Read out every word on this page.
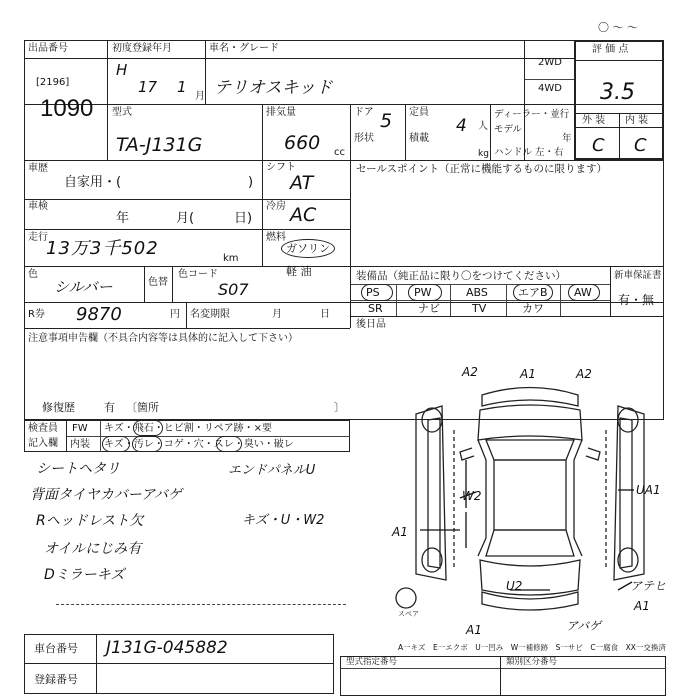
〇 ～ ～
出品番号
[2196]
1090
初度登録年月
H
17 1
月
車名・グレード
テリオスキッド
2WD
4WD
評 価 点
3.5
外 装 内 装
C C
型式
TA-J131G
排気量
660 cc
ドア 5
形状
定員
4 人
積載
kg
ディーラー・並行
モデル
年
ハンドル 左・右
車歴
自家用・(	)
シフト
AT
セールスポイント（正常に機能するものに限ります）
車検
年	月(	日)
冷房 AC
走行
13万3千502	km
燃料
ガソリン
軽 油
色
シルバー	色替
色コード
S07
装備品（純正品に限り〇をつけてください）	新車保証書
有・無
PS	PW	ABS	エアB AW
SR	ナビ	TV	カワ
R券 9870	円 名変期限	月	日
後日品
注意事項申告欄（不具合内容等は具体的に記入して下さい）
修復歴	有 〔箇所	〕
検査員
記入欄
FW キズ・飛石・ヒビ割・リペア跡・×要
内装 キズ・汚レ・コゲ・穴・スレ・臭い・破レ
シートヘタリ
背面タイヤカバーアバゲ
Rヘッドレスト欠
オイルにじみ有
Dミラーキズ
エンドパネルU
キズ・U・W2
A2	A1	A2
W2
U2
A1
A1
UA1
アテヒ
A1
アバゲ
スペア
A一キズ　E一エクボ　U一凹み　W一補修跡　S一サビ　C一腐食　XX一交換済
車台番号 J131G-045882
登録番号
型式指定番号	類別区分番号
